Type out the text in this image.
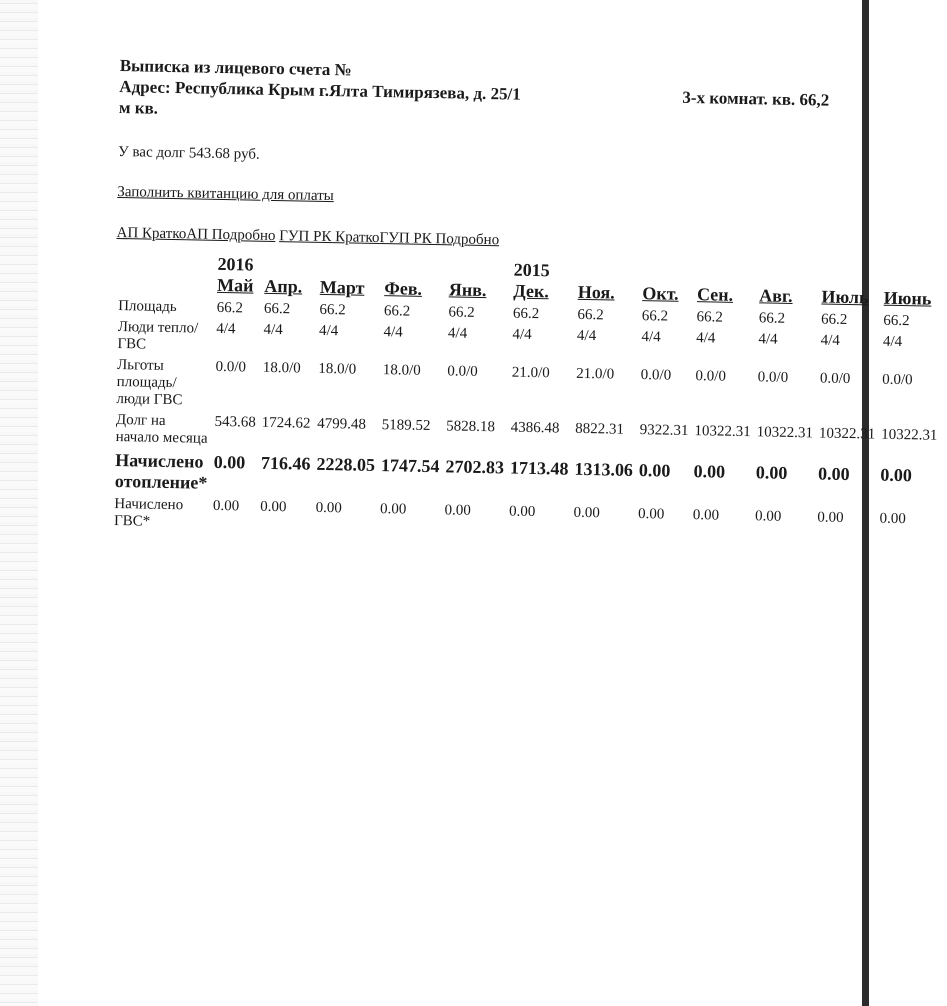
Выписка из лицевого счета №

Адрес: Республика Крым г.Ялта Тимирязева, д. 25/1	3-х комнат. кв. 66,2

м кв.

У вас долг 543.68 руб.
Заполнить квитанцию для оплаты
АП КраткоАП Подробно ГУП РК КраткоГУП РК Подробно

	2016
Май	Апр.	Март	Фев.	Янв.	2015
Дек.	Ноя.	Окт.	Сен.	Авг.	Июль	Июнь
Площадь	66.2	66.2	66.2	66.2	66.2	66.2	66.2	66.2	66.2	66.2	66.2	66.2
Люди тепло/ГВС	4/4	4/4	4/4	4/4	4/4	4/4	4/4	4/4	4/4	4/4	4/4	4/4
Льготы площадь/ люди ГВС	0.0/0	18.0/0	18.0/0	18.0/0	0.0/0	21.0/0	21.0/0	0.0/0	0.0/0	0.0/0	0.0/0	0.0/0
Долг на начало месяца	543.68	1724.62	4799.48	5189.52	5828.18	4386.48	8822.31	9322.31	10322.31	10322.31	10322.31	10322.31
Начислено отопление*	0.00	716.46	2228.05	1747.54	2702.83	1713.48	1313.06	0.00	0.00	0.00	0.00	0.00
Начислено ГВС*	0.00	0.00	0.00	0.00	0.00	0.00	0.00	0.00	0.00	0.00	0.00	0.00
